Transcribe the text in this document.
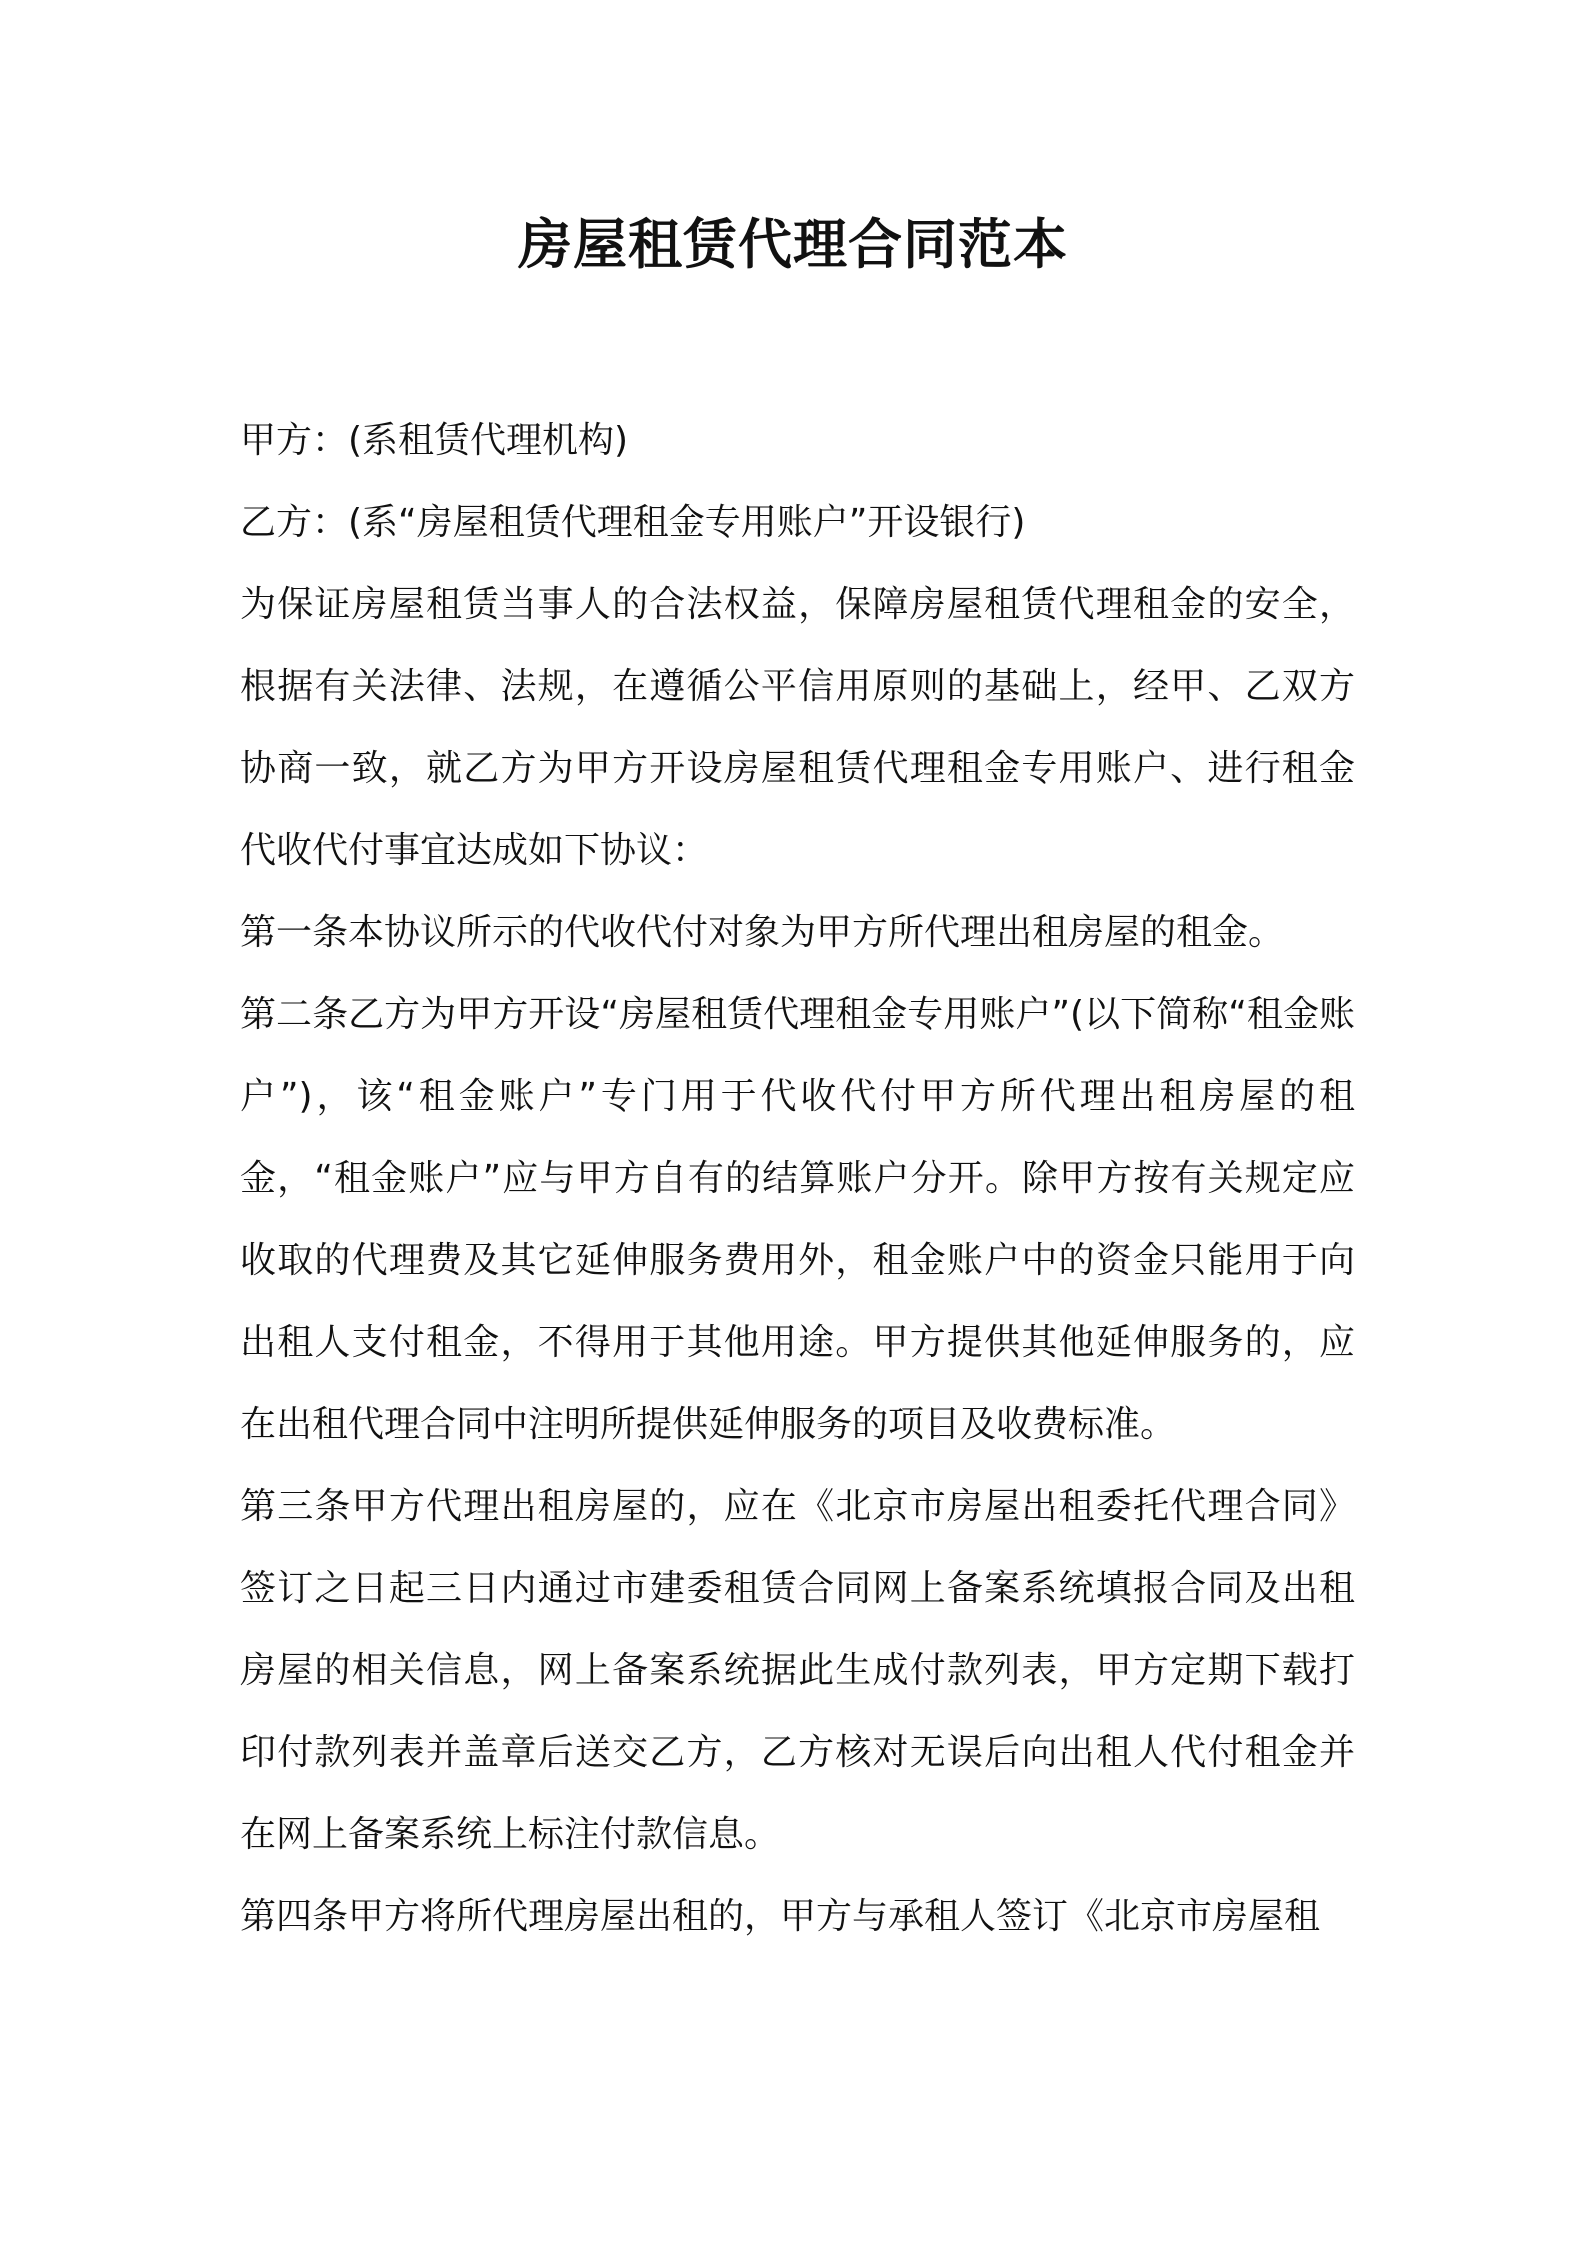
房屋租赁代理合同范本

甲方：(系租赁代理机构)

乙方：(系“房屋租赁代理租金专用账户”开设银行)

为保证房屋租赁当事人的合法权益，保障房屋租赁代理租金的安全，根据有关法律、法规，在遵循公平信用原则的基础上，经甲、乙双方协商一致，就乙方为甲方开设房屋租赁代理租金专用账户、进行租金代收代付事宜达成如下协议：

第一条本协议所示的代收代付对象为甲方所代理出租房屋的租金。

第二条乙方为甲方开设“房屋租赁代理租金专用账户”(以下简称“租金账户”)，该“租金账户”专门用于代收代付甲方所代理出租房屋的租金，“租金账户”应与甲方自有的结算账户分开。除甲方按有关规定应收取的代理费及其它延伸服务费用外，租金账户中的资金只能用于向出租人支付租金，不得用于其他用途。甲方提供其他延伸服务的，应在出租代理合同中注明所提供延伸服务的项目及收费标准。

第三条甲方代理出租房屋的，应在《北京市房屋出租委托代理合同》签订之日起三日内通过市建委租赁合同网上备案系统填报合同及出租房屋的相关信息，网上备案系统据此生成付款列表，甲方定期下载打印付款列表并盖章后送交乙方，乙方核对无误后向出租人代付租金并在网上备案系统上标注付款信息。

第四条甲方将所代理房屋出租的，甲方与承租人签订《北京市房屋租
